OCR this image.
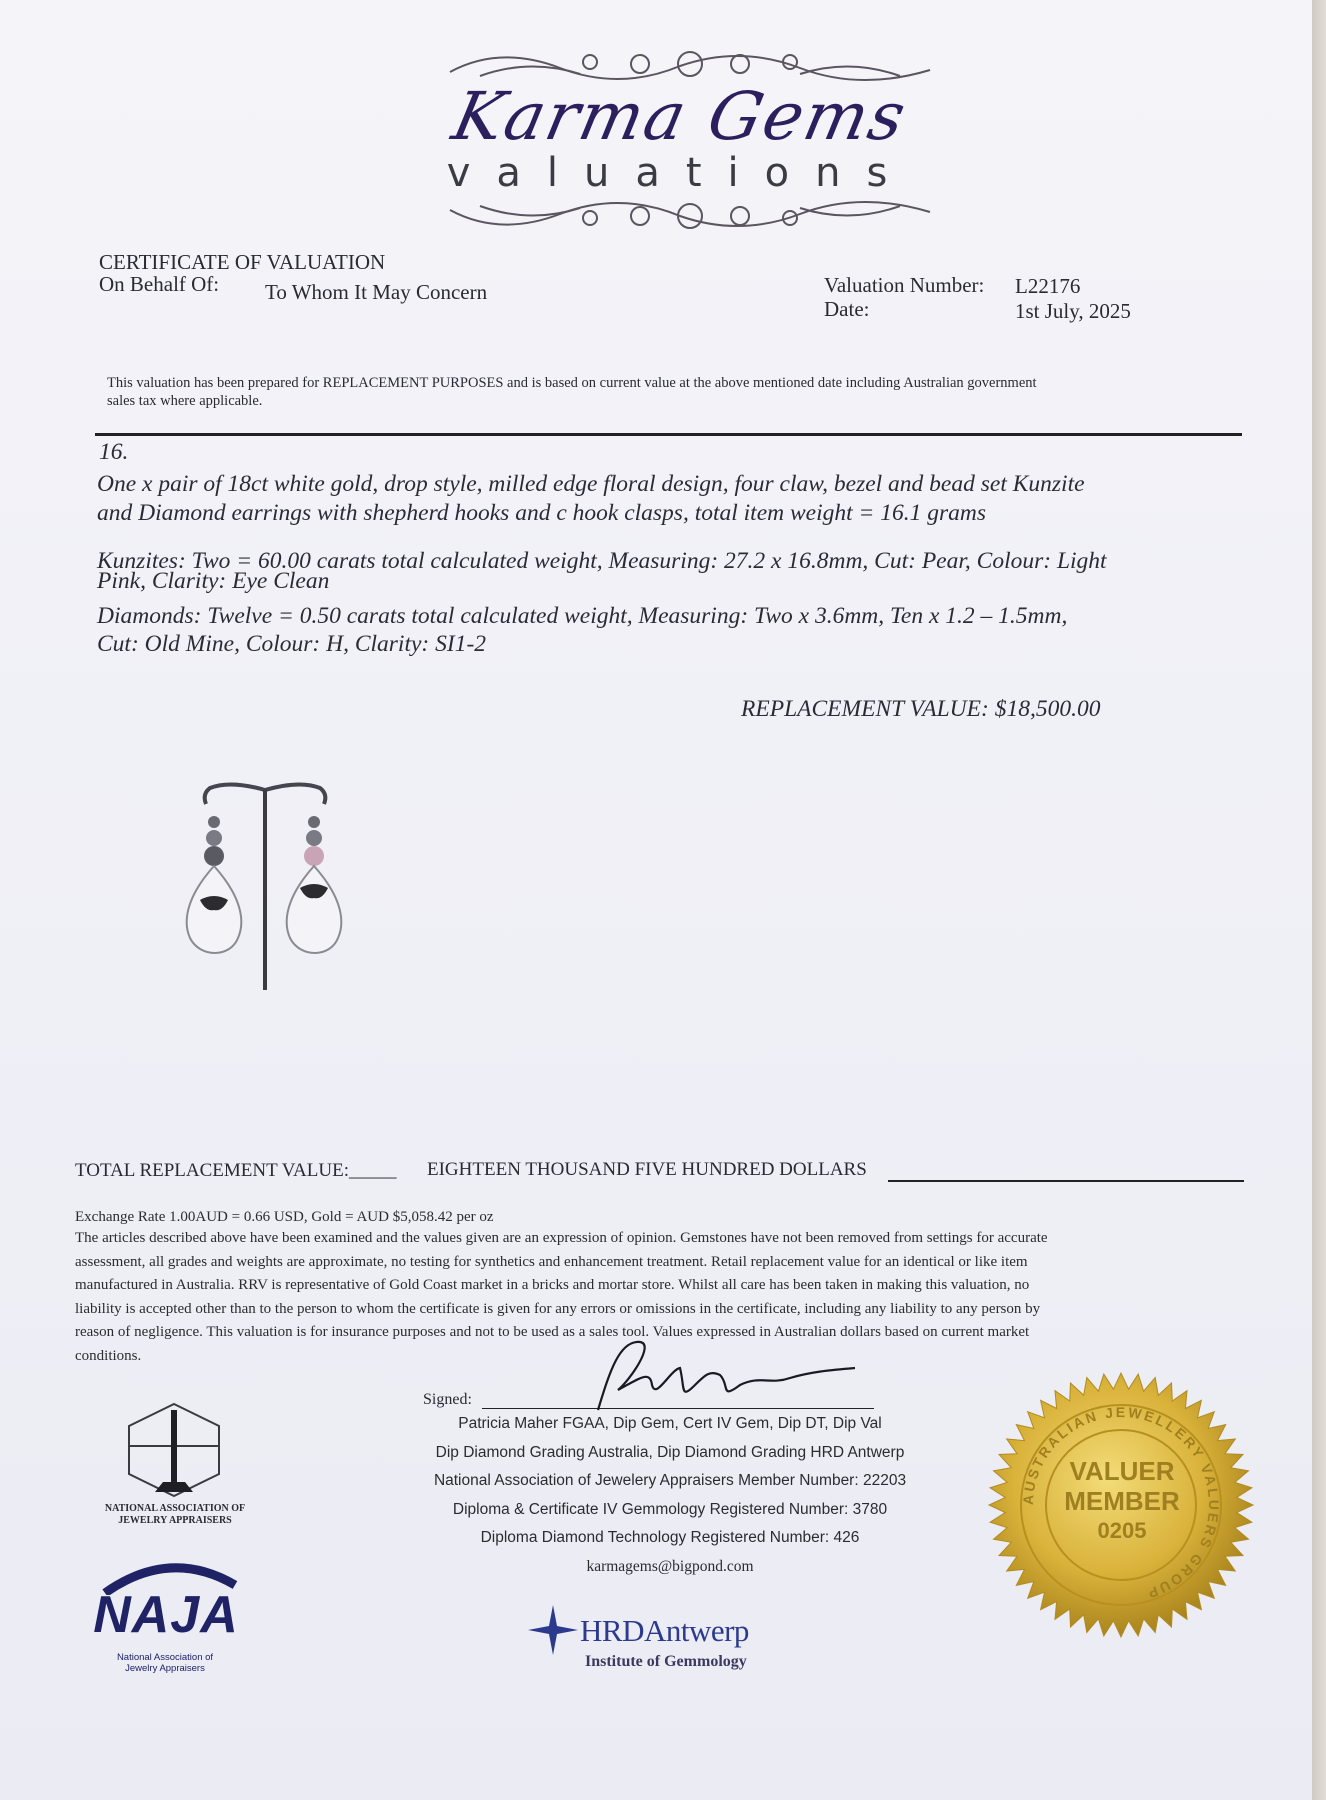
Karma Gems
valuations
CERTIFICATE OF VALUATION
On Behalf Of: To Whom It May Concern	Valuation Number: L22176
Date:	1st July, 2025
This valuation has been prepared for REPLACEMENT PURPOSES and is based on current value at the above mentioned date including Australian government
sales tax where applicable.
16.
One x pair of 18ct white gold, drop style, milled edge floral design, four claw, bezel and bead set Kunzite
and Diamond earrings with shepherd hooks and c hook clasps, total item weight = 16.1 grams
Kunzites: Two = 60.00 carats total calculated weight, Measuring: 27.2 x 16.8mm, Cut: Pear, Colour: Light
Pink, Clarity: Eye Clean
Diamonds: Twelve = 0.50 carats total calculated weight, Measuring: Two x 3.6mm, Ten x 1.2 – 1.5mm,
Cut: Old Mine, Colour: H, Clarity: SI1-2
REPLACEMENT VALUE: $18,500.00
TOTAL REPLACEMENT VALUE:_____ EIGHTEEN THOUSAND FIVE HUNDRED DOLLARS
Exchange Rate 1.00AUD = 0.66 USD, Gold = AUD $5,058.42 per oz
The articles described above have been examined and the values given are an expression of opinion. Gemstones have not been removed from settings for accurate
assessment, all grades and weights are approximate, no testing for synthetics and enhancement treatment. Retail replacement value for an identical or like item
manufactured in Australia. RRV is representative of Gold Coast market in a bricks and mortar store. Whilst all care has been taken in making this valuation, no
liability is accepted other than to the person to whom the certificate is given for any errors or omissions in the certificate, including any liability to any person by
reason of negligence. This valuation is for insurance purposes and not to be used as a sales tool. Values expressed in Australian dollars based on current market
conditions.
Signed:
Patricia Maher FGAA, Dip Gem, Cert IV Gem, Dip DT, Dip Val
Dip Diamond Grading Australia, Dip Diamond Grading HRD Antwerp
National Association of Jewelery Appraisers Member Number: 22203
Diploma & Certificate IV Gemmology Registered Number: 3780
Diploma Diamond Technology Registered Number: 426
karmagems@bigpond.com
NATIONAL ASSOCIATION OF
JEWELRY APPRAISERS
NAJA
National Association of
Jewelry Appraisers
HRDAntwerp
Institute of Gemmology
AUSTRALIAN JEWELLERY VALUERS GROUP
VALUER
MEMBER
0205
